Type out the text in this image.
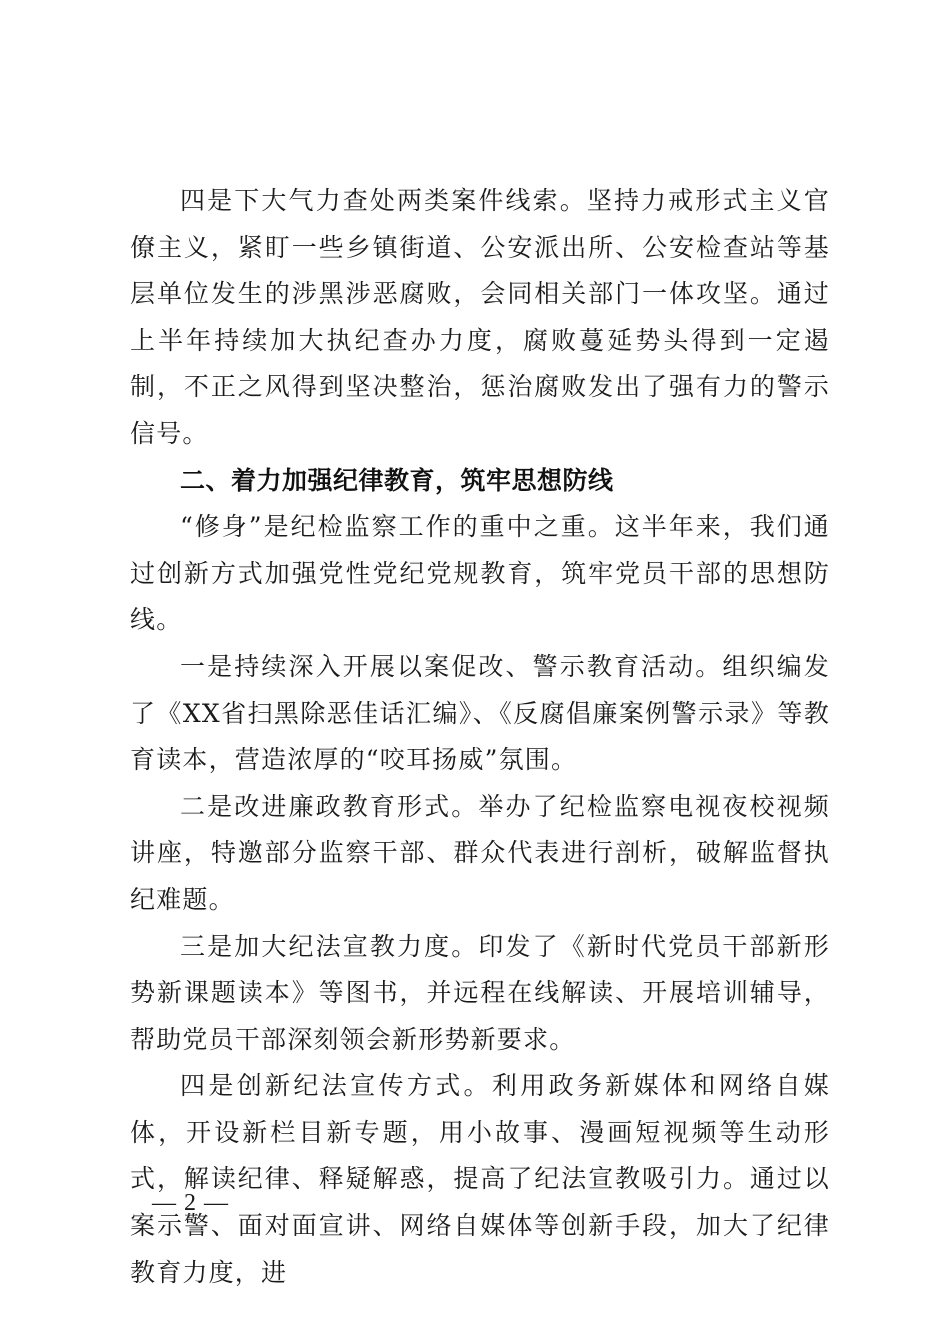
四是下大气力查处两类案件线索。坚持力戒形式主义官僚主义，紧盯一些乡镇街道、公安派出所、公安检查站等基层单位发生的涉黑涉恶腐败，会同相关部门一体攻坚。通过上半年持续加大执纪查办力度，腐败蔓延势头得到一定遏制，不正之风得到坚决整治，惩治腐败发出了强有力的警示信号。

二、着力加强纪律教育，筑牢思想防线

“修身”是纪检监察工作的重中之重。这半年来，我们通过创新方式加强党性党纪党规教育，筑牢党员干部的思想防线。

一是持续深入开展以案促改、警示教育活动。组织编发了《XX省扫黑除恶佳话汇编》、《反腐倡廉案例警示录》等教育读本，营造浓厚的“咬耳扬威”氛围。

二是改进廉政教育形式。举办了纪检监察电视夜校视频讲座，特邀部分监察干部、群众代表进行剖析，破解监督执纪难题。

三是加大纪法宣教力度。印发了《新时代党员干部新形势新课题读本》等图书，并远程在线解读、开展培训辅导，帮助党员干部深刻领会新形势新要求。

四是创新纪法宣传方式。利用政务新媒体和网络自媒体，开设新栏目新专题，用小故事、漫画短视频等生动形式，解读纪律、释疑解惑，提高了纪法宣教吸引力。通过以案示警、面对面宣讲、网络自媒体等创新手段，加大了纪律教育力度，进

— 2 —
